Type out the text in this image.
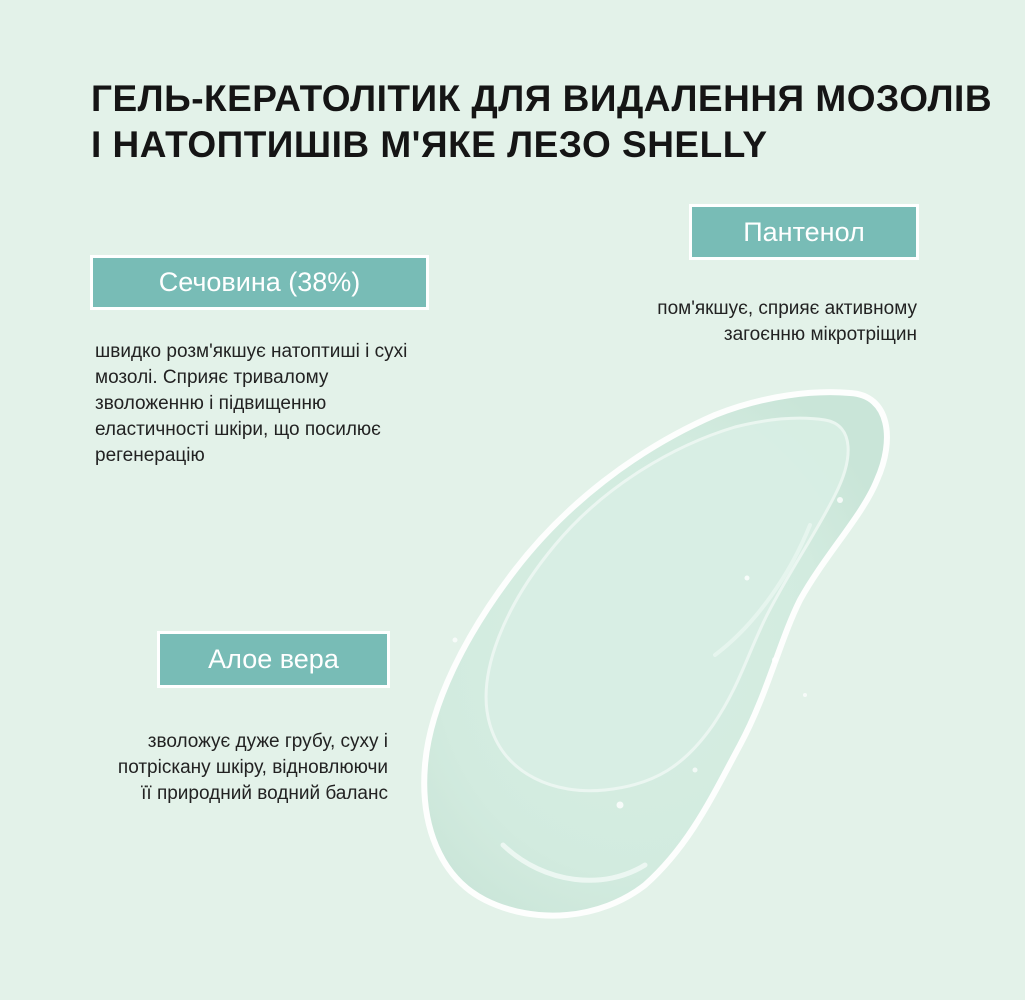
ГЕЛЬ-КЕРАТОЛІТИК ДЛЯ ВИДАЛЕННЯ МОЗОЛІВ
І НАТОПТИШІВ М'ЯКЕ ЛЕЗО SHELLY
Сечовина (38%)
швидко розм'якшує натоптиші і сухі
мозолі. Сприяє тривалому
зволоженню і підвищенню
еластичності шкіри, що посилює
регенерацію
Пантенол
пом'якшує, сприяє активному
загоєнню мікротріщин
Алое вера
зволожує дуже грубу, суху і
потріскану шкіру, відновлюючи
її природний водний баланс
